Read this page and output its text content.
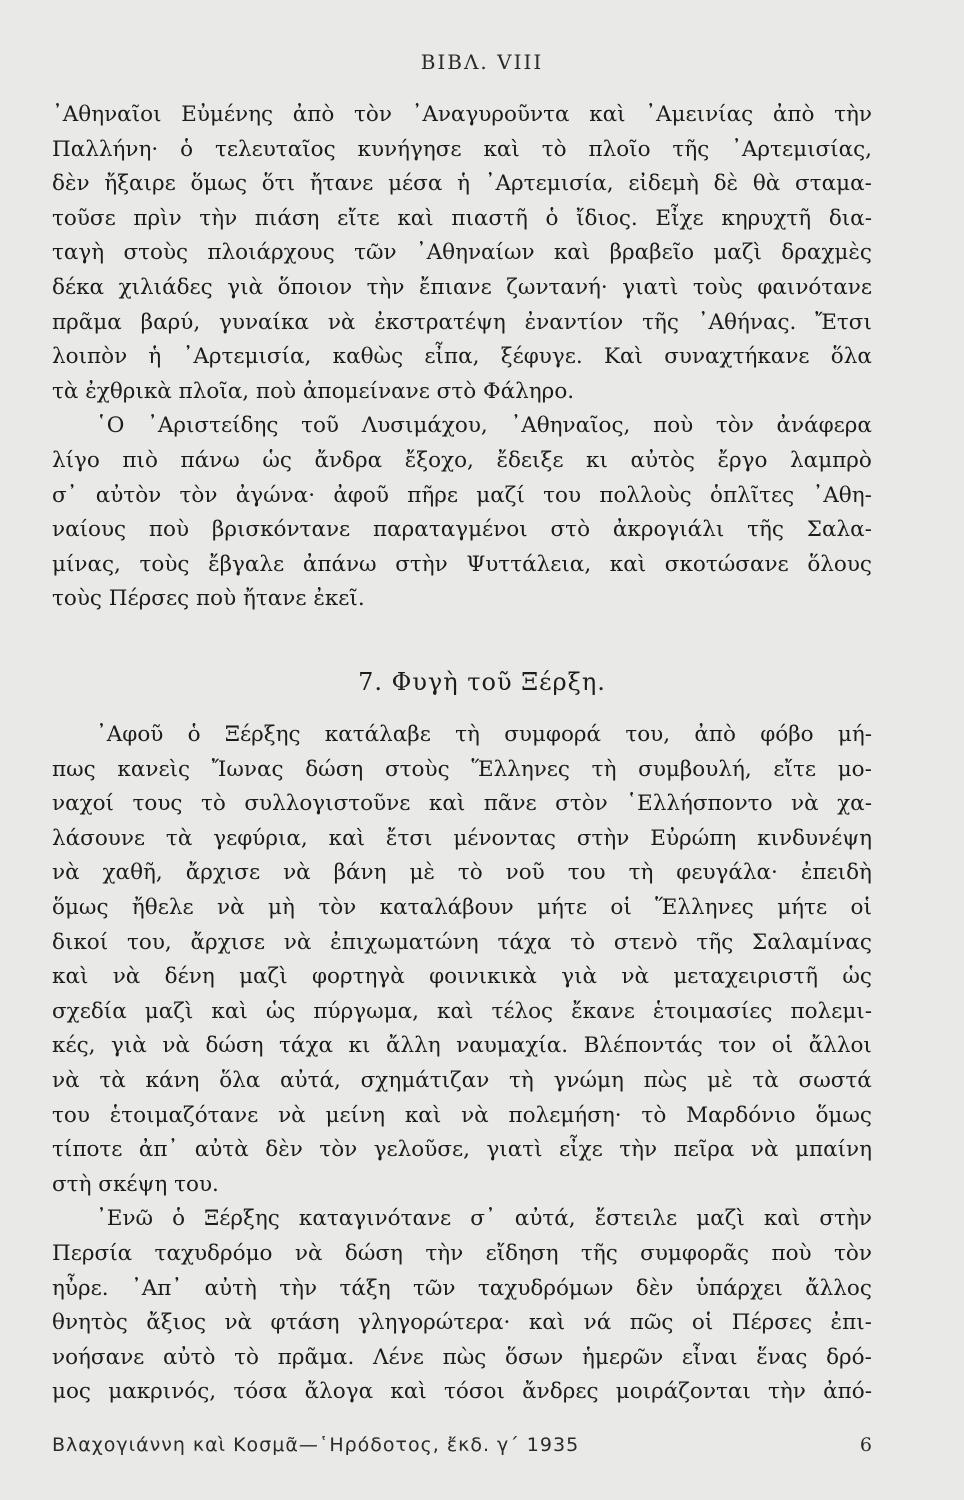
ΒΙΒΛ. VIII
᾿Αθηναῖοι Εὐμένης ἀπὸ τὸν ᾿Αναγυροῦντα καὶ ᾿Αμεινίας ἀπὸ τὴν
Παλλήνη· ὁ τελευταῖος κυνήγησε καὶ τὸ πλοῖο τῆς ᾿Αρτεμισίας,
δὲν ἤξαιρε ὅμως ὅτι ἤτανε μέσα ἡ ᾿Αρτεμισία, εἰδεμὴ δὲ θὰ σταμα-
τοῦσε πρὶν τὴν πιάση εἴτε καὶ πιαστῆ ὁ ἴδιος. Εἶχε κηρυχτῆ δια-
ταγὴ στοὺς πλοιάρχους τῶν ᾿Αθηναίων καὶ βραβεῖο μαζὶ δραχμὲς
δέκα χιλιάδες γιὰ ὅποιον τὴν ἔπιανε ζωντανή· γιατὶ τοὺς φαινότανε
πρᾶμα βαρύ, γυναίκα νὰ ἐκστρατέψη ἐναντίον τῆς ᾿Αθήνας. Ἔτσι
λοιπὸν ἡ ᾿Αρτεμισία, καθὼς εἶπα, ξέφυγε. Καὶ συναχτήκανε ὅλα
τὰ ἐχθρικὰ πλοῖα, ποὺ ἀπομείνανε στὸ Φάληρο.
῾Ο ᾿Αριστείδης τοῦ Λυσιμάχου, ᾿Αθηναῖος, ποὺ τὸν ἀνάφερα
λίγο πιὸ πάνω ὡς ἄνδρα ἔξοχο, ἔδειξε κι αὐτὸς ἔργο λαμπρὸ
σ᾿ αὐτὸν τὸν ἀγώνα· ἀφοῦ πῆρε μαζί του πολλοὺς ὁπλῖτες ᾿Αθη-
ναίους ποὺ βρισκόντανε παραταγμένοι στὸ ἀκρογιάλι τῆς Σαλα-
μίνας, τοὺς ἔβγαλε ἀπάνω στὴν Ψυττάλεια, καὶ σκοτώσανε ὅλους
τοὺς Πέρσες ποὺ ἤτανε ἐκεῖ.
7. Φυγὴ τοῦ Ξέρξη.
᾿Αφοῦ ὁ Ξέρξης κατάλαβε τὴ συμφορά του, ἀπὸ φόβο μή-
πως κανεὶς Ἴωνας δώση στοὺς Ἕλληνες τὴ συμβουλή, εἴτε μο-
ναχοί τους τὸ συλλογιστοῦνε καὶ πᾶνε στὸν ῾Ελλήσποντο νὰ χα-
λάσουνε τὰ γεφύρια, καὶ ἔτσι μένοντας στὴν Εὐρώπη κινδυνέψη
νὰ χαθῆ, ἄρχισε νὰ βάνη μὲ τὸ νοῦ του τὴ φευγάλα· ἐπειδὴ
ὅμως ἤθελε νὰ μὴ τὸν καταλάβουν μήτε οἱ Ἕλληνες μήτε οἱ
δικοί του, ἄρχισε νὰ ἐπιχωματώνη τάχα τὸ στενὸ τῆς Σαλαμίνας
καὶ νὰ δένη μαζὶ φορτηγὰ φοινικικὰ γιὰ νὰ μεταχειριστῆ ὡς
σχεδία μαζὶ καὶ ὡς πύργωμα, καὶ τέλος ἔκανε ἑτοιμασίες πολεμι-
κές, γιὰ νὰ δώση τάχα κι ἄλλη ναυμαχία. Βλέποντάς τον οἱ ἄλλοι
νὰ τὰ κάνη ὅλα αὐτά, σχημάτιζαν τὴ γνώμη πὼς μὲ τὰ σωστά
του ἑτοιμαζότανε νὰ μείνη καὶ νὰ πολεμήση· τὸ Μαρδόνιο ὅμως
τίποτε ἀπ᾿ αὐτὰ δὲν τὸν γελοῦσε, γιατὶ εἶχε τὴν πεῖρα νὰ μπαίνη
στὴ σκέψη του.
᾿Ενῶ ὁ Ξέρξης καταγινότανε σ᾿ αὐτά, ἔστειλε μαζὶ καὶ στὴν
Περσία ταχυδρόμο νὰ δώση τὴν εἴδηση τῆς συμφορᾶς ποὺ τὸν
ηὖρε. ᾿Απ᾿ αὐτὴ τὴν τάξη τῶν ταχυδρόμων δὲν ὑπάρχει ἄλλος
θνητὸς ἄξιος νὰ φτάση γληγορώτερα· καὶ νά πῶς οἱ Πέρσες ἐπι-
νοήσανε αὐτὸ τὸ πρᾶμα. Λένε πὼς ὅσων ἡμερῶν εἶναι ἕνας δρό-
μος μακρινός, τόσα ἄλογα καὶ τόσοι ἄνδρες μοιράζονται τὴν ἀπό-
Βλαχογιάννη καὶ Κοσμᾶ—῾Ηρόδοτος, ἔκδ. γ΄ 1935	6
